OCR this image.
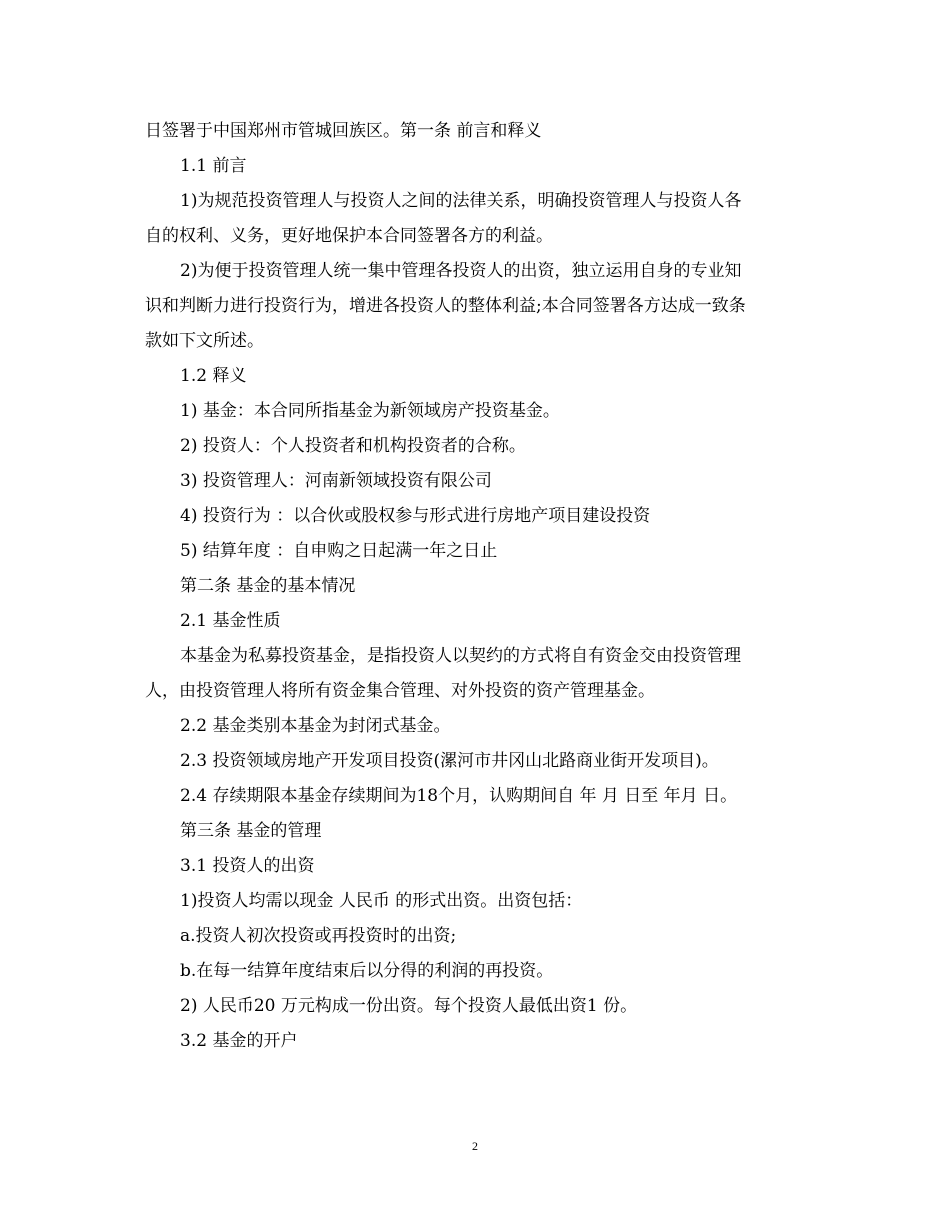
日签署于中国郑州市管城回族区。第一条 前言和释义
1.1 前言
1)为规范投资管理人与投资人之间的法律关系，明确投资管理人与投资人各
自的权利、义务，更好地保护本合同签署各方的利益。
2)为便于投资管理人统一集中管理各投资人的出资，独立运用自身的专业知
识和判断力进行投资行为，增进各投资人的整体利益;本合同签署各方达成一致条
款如下文所述。
1.2 释义
1) 基金：本合同所指基金为新领域房产投资基金。
2) 投资人：个人投资者和机构投资者的合称。
3) 投资管理人：河南新领域投资有限公司
4) 投资行为 ：以合伙或股权参与形式进行房地产项目建设投资
5) 结算年度 ：自申购之日起满一年之日止
第二条 基金的基本情况
2.1 基金性质
本基金为私募投资基金，是指投资人以契约的方式将自有资金交由投资管理
人，由投资管理人将所有资金集合管理、对外投资的资产管理基金。
2.2 基金类别本基金为封闭式基金。
2.3 投资领域房地产开发项目投资(漯河市井冈山北路商业街开发项目)。
2.4 存续期限本基金存续期间为18个月，认购期间自 年 月 日至 年月 日。
第三条 基金的管理
3.1 投资人的出资
1)投资人均需以现金 人民币 的形式出资。出资包括：
a.投资人初次投资或再投资时的出资;
b.在每一结算年度结束后以分得的利润的再投资。
2) 人民币20 万元构成一份出资。每个投资人最低出资1 份。
3.2 基金的开户
2
